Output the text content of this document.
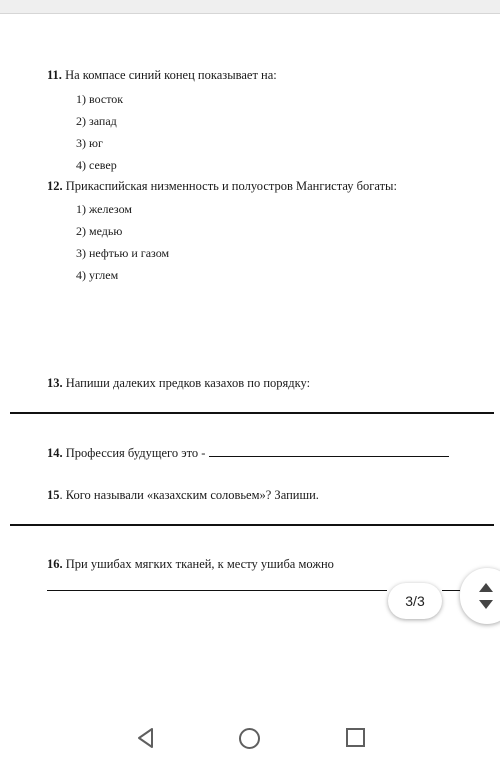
11. На компасе синий конец показывает на:
1) восток
2) запад
3) юг
4) север
12. Прикаспийская низменность и полуостров Мангистау богаты:
1) железом
2) медью
3) нефтью и газом
4) углем
13. Напиши далеких предков казахов по порядку:
14. Профессия будущего это -
15. Кого называли «казахским соловьем»? Запиши.
16. При ушибах мягких тканей, к месту ушиба можно
3/3
